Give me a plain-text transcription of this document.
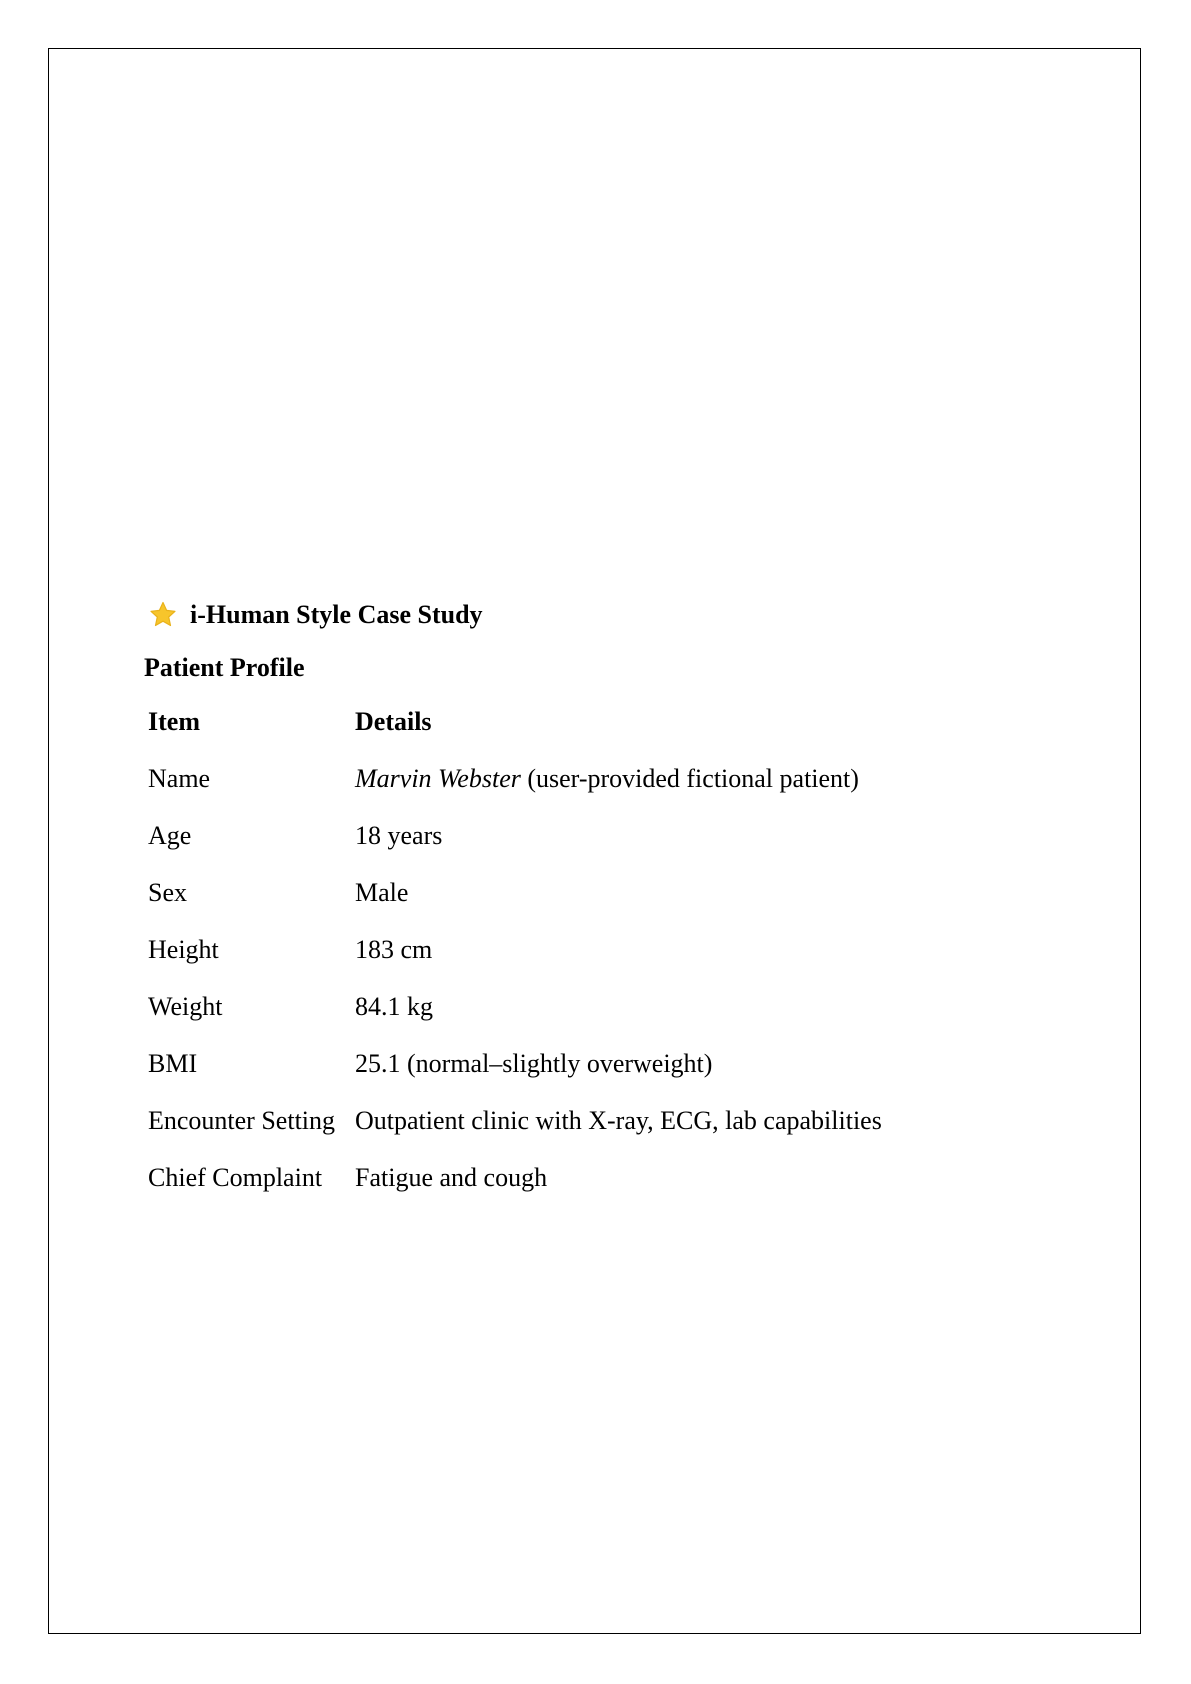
i-Human Style Case Study
Patient Profile
Item	Details
Name	Marvin Webster (user-provided fictional patient)
Age	18 years
Sex	Male
Height	183 cm
Weight	84.1 kg
BMI	25.1 (normal–slightly overweight)
Encounter Setting	Outpatient clinic with X-ray, ECG, lab capabilities
Chief Complaint	Fatigue and cough
